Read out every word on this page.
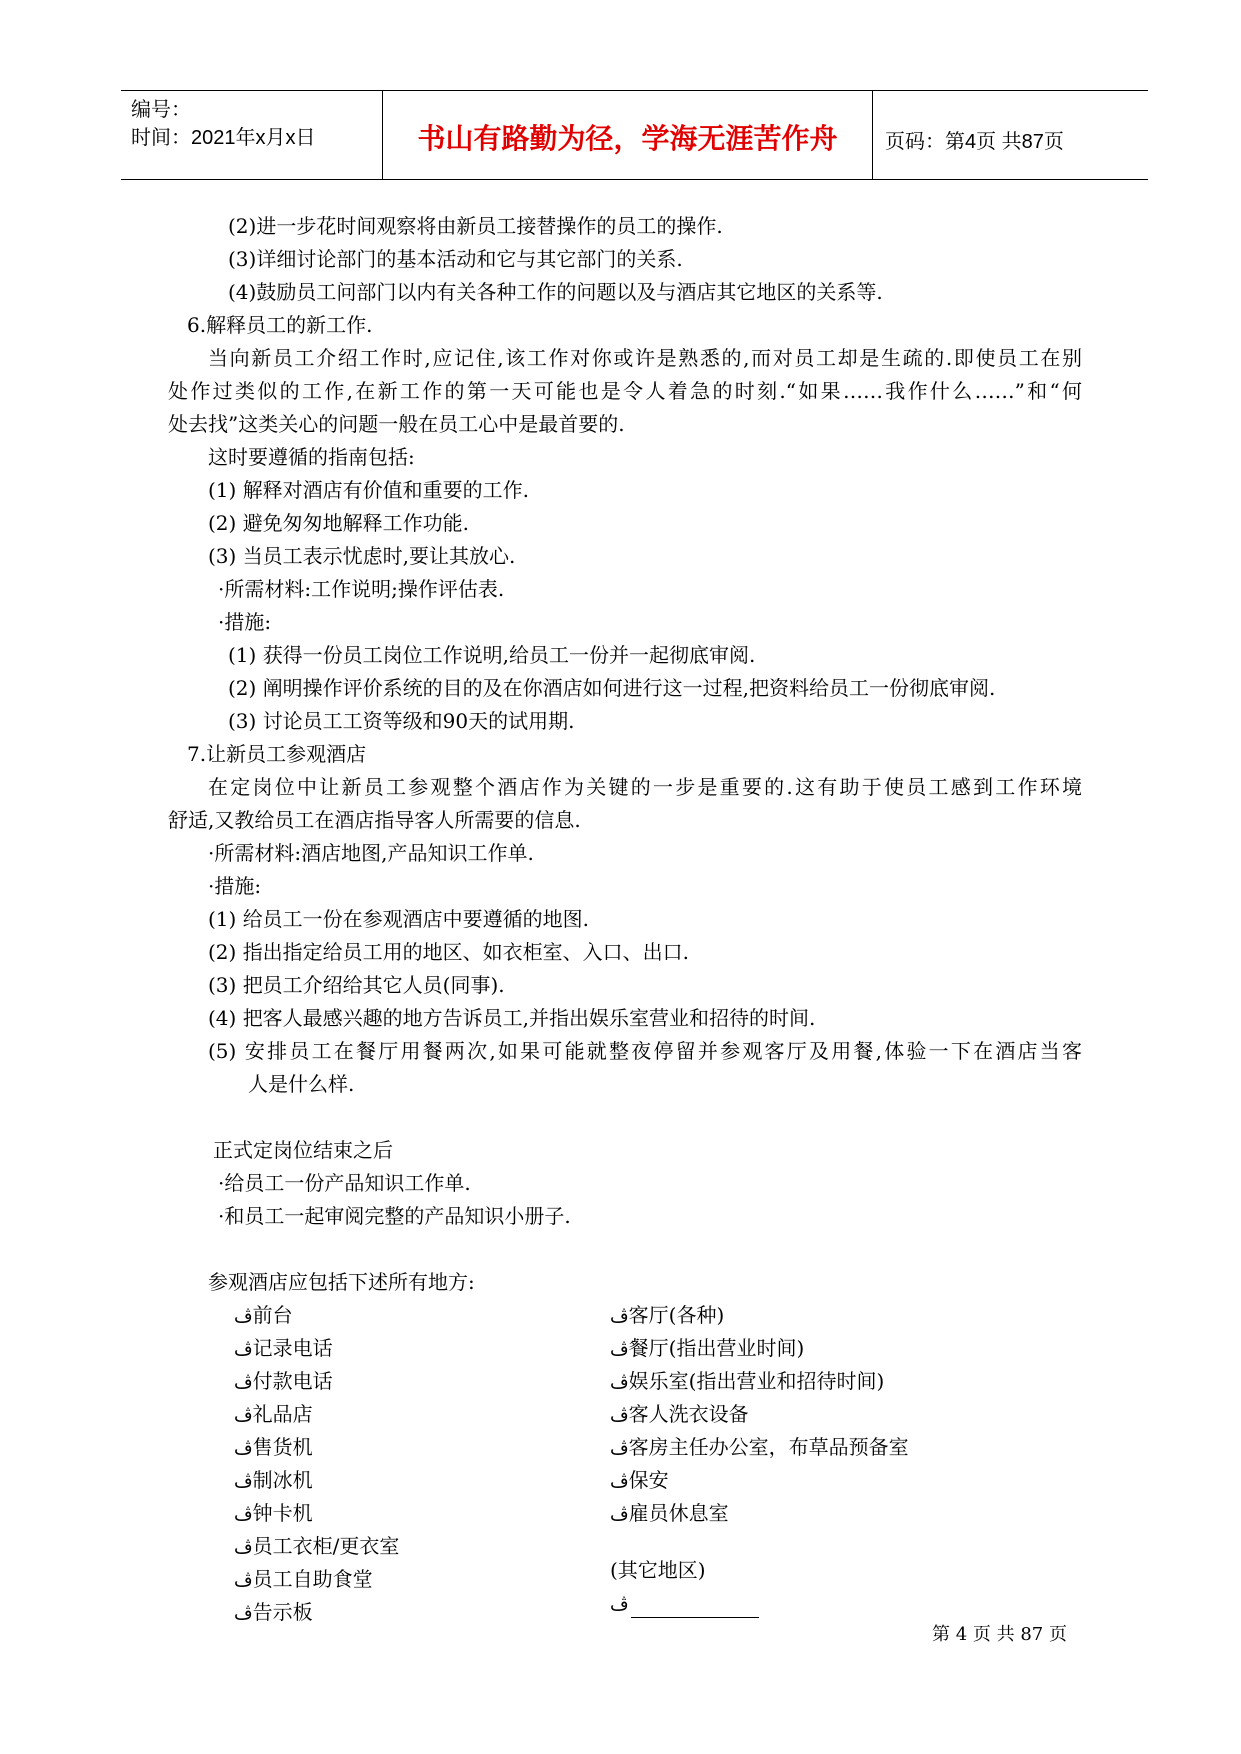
编号：
时间：2021年x月x日	书山有路勤为径，学海无涯苦作舟	页码：第4页 共87页
(2)进一步花时间观察将由新员工接替操作的员工的操作.
(3)详细讨论部门的基本活动和它与其它部门的关系.
(4)鼓励员工问部门以内有关各种工作的问题以及与酒店其它地区的关系等.
6.解释员工的新工作.
当向新员工介绍工作时,应记住,该工作对你或许是熟悉的,而对员工却是生疏的.即使员工在别
处作过类似的工作,在新工作的第一天可能也是令人着急的时刻.“如果……我作什么……”和“何
处去找”这类关心的问题一般在员工心中是最首要的.
这时要遵循的指南包括:
(1) 解释对酒店有价值和重要的工作.
(2) 避免匆匆地解释工作功能.
(3) 当员工表示忧虑时,要让其放心.
·所需材料:工作说明;操作评估表.
·措施:
(1) 获得一份员工岗位工作说明,给员工一份并一起彻底审阅.
(2) 阐明操作评价系统的目的及在你酒店如何进行这一过程,把资料给员工一份彻底审阅.
(3) 讨论员工工资等级和90天的试用期.
7.让新员工参观酒店
在定岗位中让新员工参观整个酒店作为关键的一步是重要的.这有助于使员工感到工作环境
舒适,又教给员工在酒店指导客人所需要的信息.
·所需材料:酒店地图,产品知识工作单.
·措施:
(1) 给员工一份在参观酒店中要遵循的地图.
(2) 指出指定给员工用的地区、如衣柜室、入口、出口.
(3) 把员工介绍给其它人员(同事).
(4) 把客人最感兴趣的地方告诉员工,并指出娱乐室营业和招待的时间.
(5) 安排员工在餐厅用餐两次,如果可能就整夜停留并参观客厅及用餐,体验一下在酒店当客
人是什么样.
正式定岗位结束之后
·给员工一份产品知识工作单.
·和员工一起审阅完整的产品知识小册子.
参观酒店应包括下述所有地方:
ڤ前台
ڤ记录电话
ڤ付款电话
ڤ礼品店
ڤ售货机
ڤ制冰机
ڤ钟卡机
ڤ员工衣柜/更衣室
ڤ员工自助食堂
ڤ告示板
ڤ客厅(各种)
ڤ餐厅(指出营业时间)
ڤ娱乐室(指出营业和招待时间)
ڤ客人洗衣设备
ڤ客房主任办公室，布草品预备室
ڤ保安
ڤ雇员休息室
(其它地区)
ڤ
第 4 页 共 87 页
